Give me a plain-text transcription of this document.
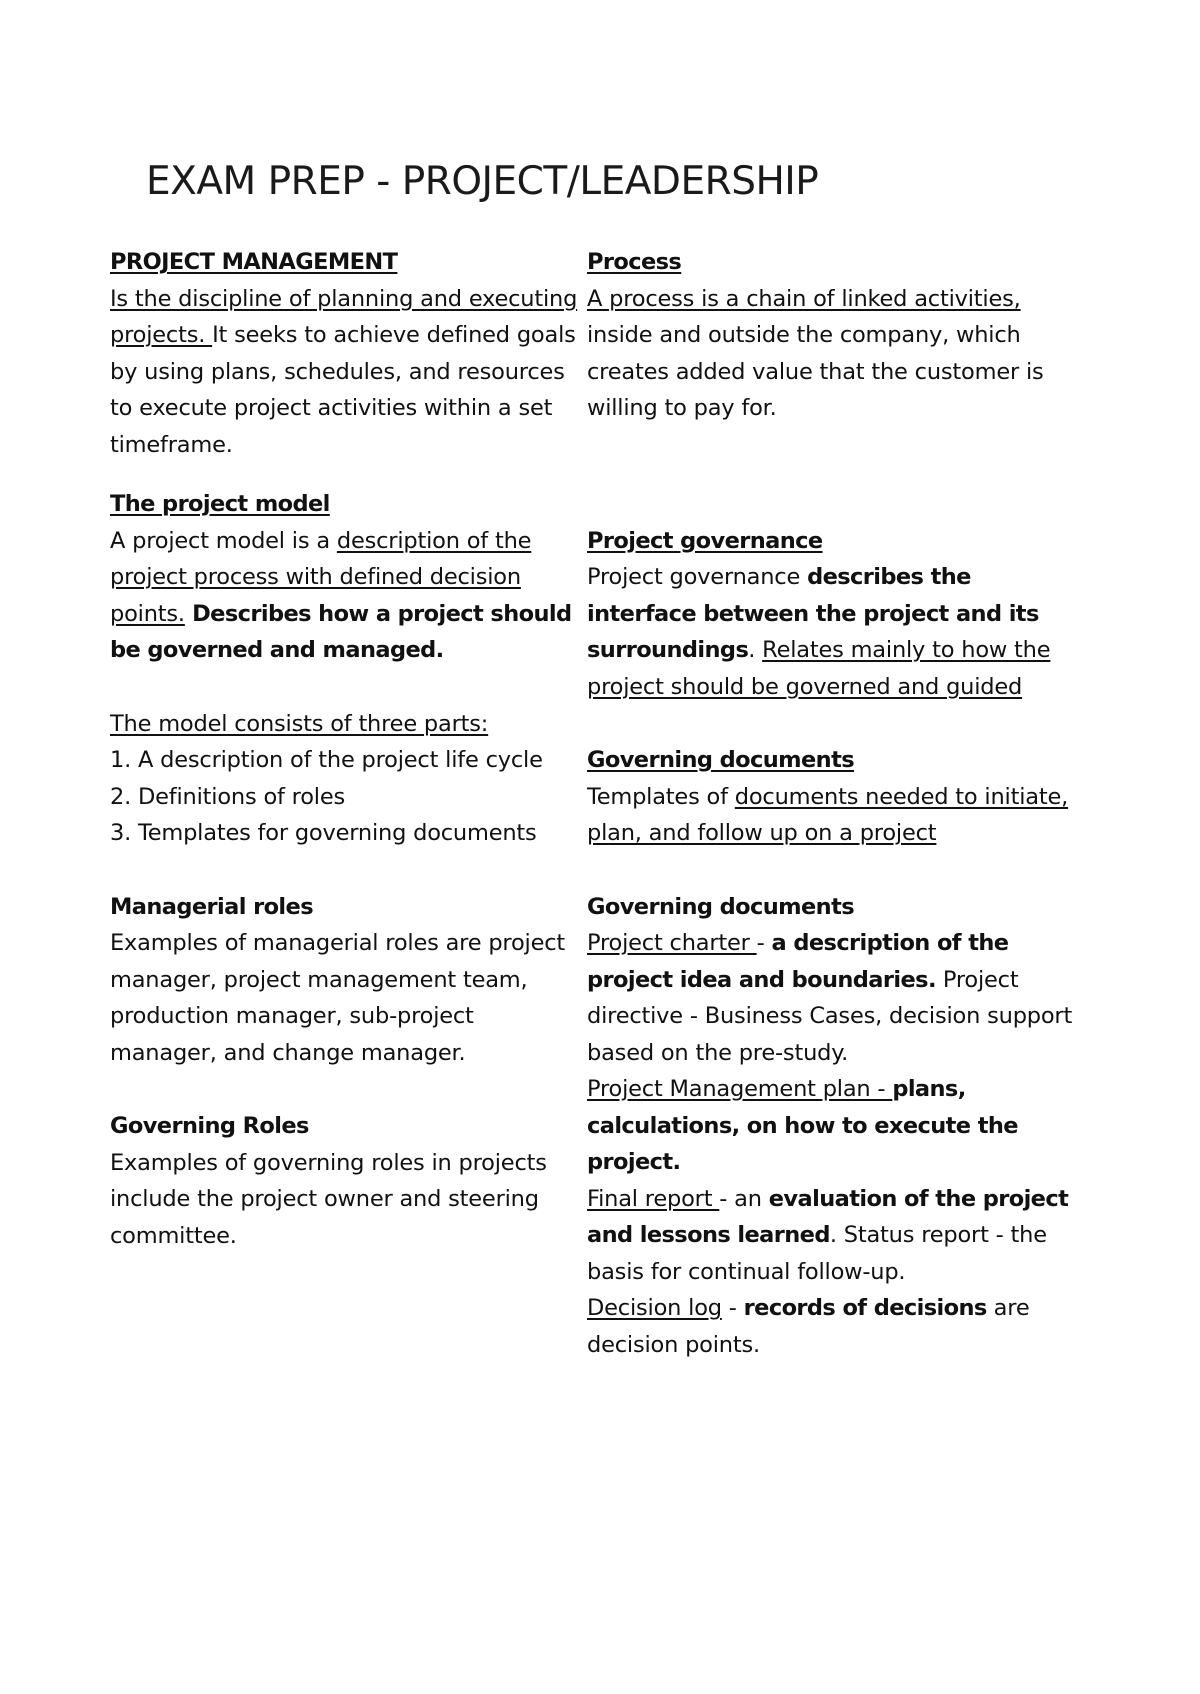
EXAM PREP - PROJECT/LEADERSHIP
PROJECT MANAGEMENT
Is the discipline of planning and executing projects. It seeks to achieve defined goals by using plans, schedules, and resources to execute project activities within a set timeframe.
The project model
A project model is a description of the project process with defined decision points. Describes how a project should be governed and managed.
The model consists of three parts:
1. A description of the project life cycle
2. Definitions of roles
3. Templates for governing documents
Managerial roles
Examples of managerial roles are project manager, project management team, production manager, sub-project manager, and change manager.
Governing Roles
Examples of governing roles in projects include the project owner and steering committee.
Process
A process is a chain of linked activities, inside and outside the company, which creates added value that the customer is willing to pay for.
Project governance
Project governance describes the interface between the project and its surroundings. Relates mainly to how the project should be governed and guided
Governing documents
Templates of documents needed to initiate, plan, and follow up on a project
Governing documents
Project charter - a description of the project idea and boundaries. Project directive - Business Cases, decision support based on the pre-study.
Project Management plan - plans, calculations, on how to execute the project.
Final report - an evaluation of the project and lessons learned. Status report - the basis for continual follow-up.
Decision log - records of decisions are decision points.
